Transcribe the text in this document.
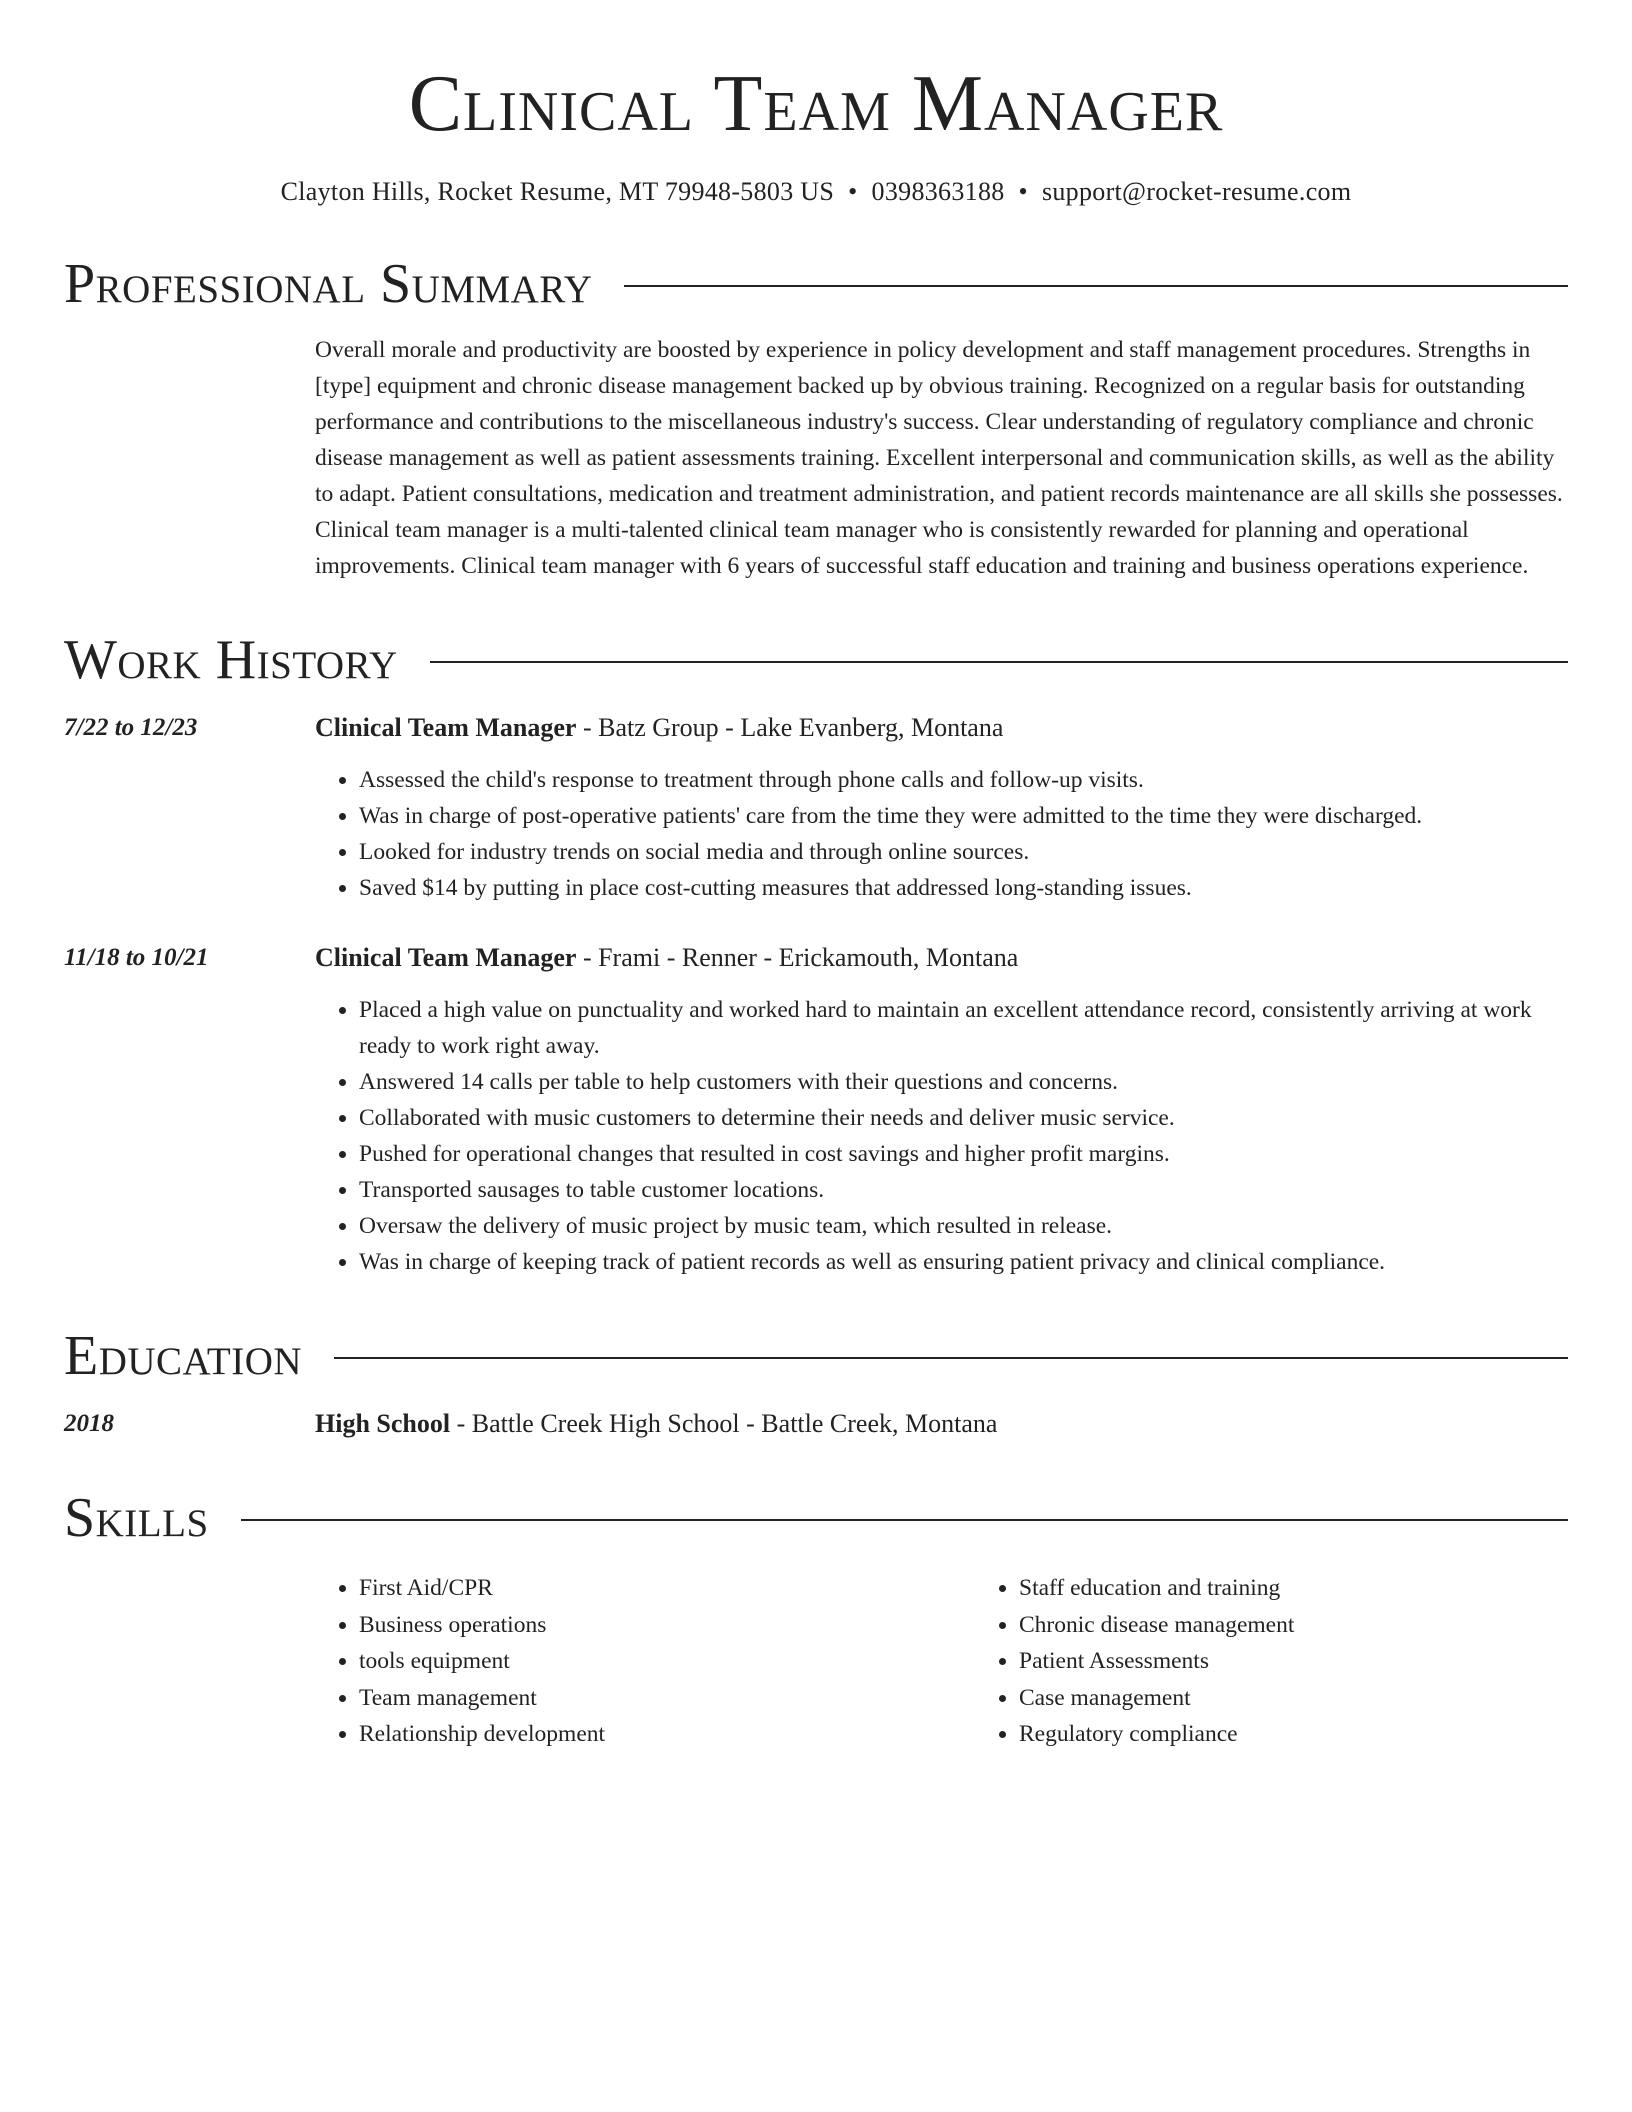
Clinical Team Manager
Clayton Hills, Rocket Resume, MT 79948-5803 US • 0398363188 • support@rocket-resume.com
Professional Summary
Overall morale and productivity are boosted by experience in policy development and staff management procedures. Strengths in [type] equipment and chronic disease management backed up by obvious training. Recognized on a regular basis for outstanding performance and contributions to the miscellaneous industry's success. Clear understanding of regulatory compliance and chronic disease management as well as patient assessments training. Excellent interpersonal and communication skills, as well as the ability to adapt. Patient consultations, medication and treatment administration, and patient records maintenance are all skills she possesses. Clinical team manager is a multi-talented clinical team manager who is consistently rewarded for planning and operational improvements. Clinical team manager with 6 years of successful staff education and training and business operations experience.
Work History
7/22 to 12/23	Clinical Team Manager - Batz Group - Lake Evanberg, Montana
• Assessed the child's response to treatment through phone calls and follow-up visits.
• Was in charge of post-operative patients' care from the time they were admitted to the time they were discharged.
• Looked for industry trends on social media and through online sources.
• Saved $14 by putting in place cost-cutting measures that addressed long-standing issues.
11/18 to 10/21	Clinical Team Manager - Frami - Renner - Erickamouth, Montana
• Placed a high value on punctuality and worked hard to maintain an excellent attendance record, consistently arriving at work ready to work right away.
• Answered 14 calls per table to help customers with their questions and concerns.
• Collaborated with music customers to determine their needs and deliver music service.
• Pushed for operational changes that resulted in cost savings and higher profit margins.
• Transported sausages to table customer locations.
• Oversaw the delivery of music project by music team, which resulted in release.
• Was in charge of keeping track of patient records as well as ensuring patient privacy and clinical compliance.
Education
2018	High School - Battle Creek High School - Battle Creek, Montana
Skills
• First Aid/CPR
• Business operations
• tools equipment
• Team management
• Relationship development
• Staff education and training
• Chronic disease management
• Patient Assessments
• Case management
• Regulatory compliance
